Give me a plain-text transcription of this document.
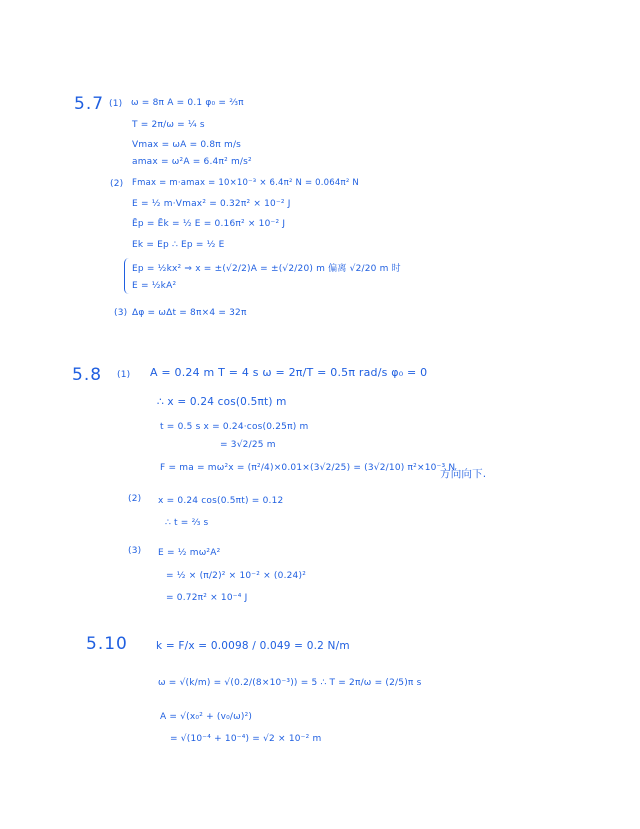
5.7 (1) ω = 8π A = 0.1 φ₀ = ⅔π
T = 2π/ω = ¼ s
Vmax = ωA = 0.8π m/s
amax = ω²A = 6.4π² m/s²
(2) Fmax = m·amax = 10×10⁻³ × 6.4π² N = 0.064π² N
E = ½ m·Vmax² = 0.32π² × 10⁻² J
Ēp = Ēk = ½ E = 0.16π² × 10⁻² J
Ek = Ep ∴ Ep = ½ E
Ep = ½kx² ⇒ x = ±(√2/2)A = ±(√2/20) m 偏离 √2/20 m 时
E = ½kA²
(3) Δφ = ωΔt = 8π×4 = 32π
5.8 (1) A = 0.24 m T = 4 s ω = 2π/T = 0.5π rad/s φ₀ = 0
∴ x = 0.24 cos(0.5πt) m
t = 0.5 s x = 0.24·cos(0.25π) m
= 3√2/25 m
F = ma = mω²x = (π²/4)×0.01×(3√2/25) = (3√2/10) π²×10⁻³ N
方向向下.
(2) x = 0.24 cos(0.5πt) = 0.12
∴ t = ⅔ s
(3) E = ½ mω²A²
= ½ × (π/2)² × 10⁻² × (0.24)²
= 0.72π² × 10⁻⁴ J
5.10	k = F/x = 0.0098 / 0.049 = 0.2 N/m
ω = √(k/m) = √(0.2/(8×10⁻³)) = 5 ∴ T = 2π/ω = (2/5)π s
A = √(x₀² + (v₀/ω)²)
= √(10⁻⁴ + 10⁻⁴) = √2 × 10⁻² m
